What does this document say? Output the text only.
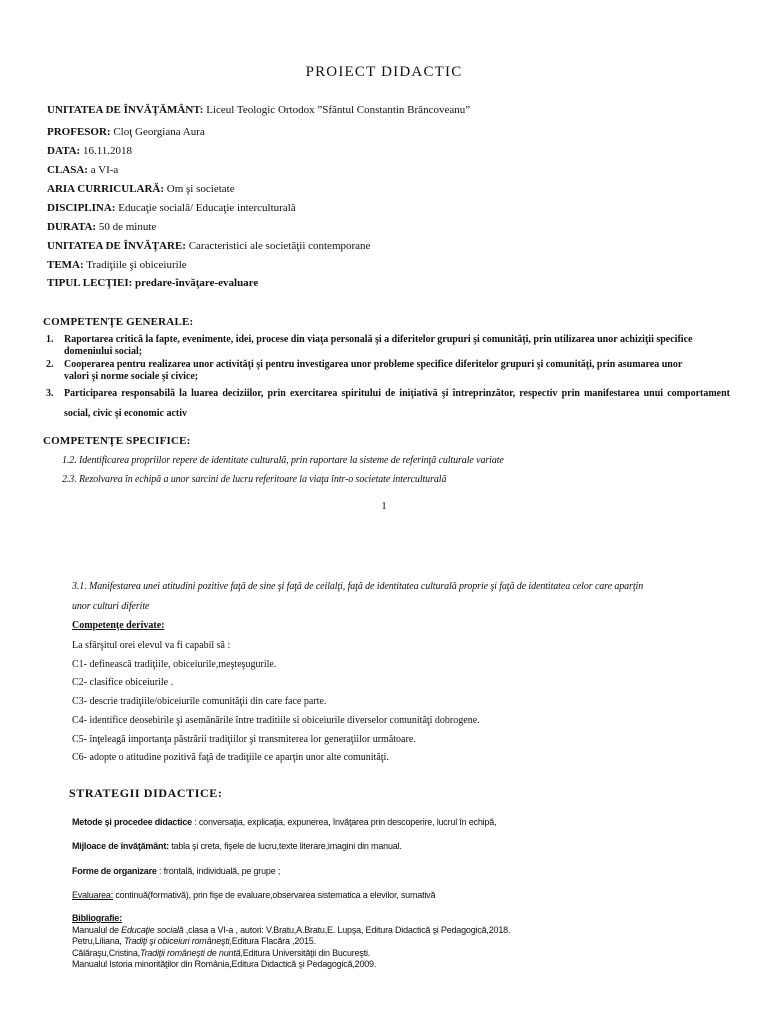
PROIECT DIDACTIC
UNITATEA DE ÎNVĂŢĂMÂNT: Liceul Teologic Ortodox ”Sfântul Constantin Brâncoveanu”
PROFESOR: Cloţ Georgiana Aura
DATA: 16.11.2018
CLASA: a VI-a
ARIA CURRICULARĂ: Om şi societate
DISCIPLINA: Educaţie socială/ Educaţie interculturală
DURATA: 50 de minute
UNITATEA DE ÎNVĂŢARE: Caracteristici ale societăţii contemporane
TEMA: Tradiţiile şi obiceiurile
TIPUL LECŢIEI: predare-învăţare-evaluare
COMPETENŢE GENERALE:
1. Raportarea critică la fapte, evenimente, idei, procese din viaţa personală şi a diferitelor grupuri şi comunităţi, prin utilizarea unor achiziţii specifice domeniului social;
2. Cooperarea pentru realizarea unor activităţi şi pentru investigarea unor probleme specifice diferitelor grupuri şi comunităţi, prin asumarea unor valori şi norme sociale şi civice;
3. Participarea responsabilă la luarea deciziilor, prin exercitarea spiritului de iniţiativă şi întreprinzător, respectiv prin manifestarea unui comportament social, civic şi economic activ
COMPETENŢE SPECIFICE:
1.2. Identificarea propriilor repere de identitate culturală, prin raportare la sisteme de referinţă culturale variate
2.3. Rezolvarea în echipă a unor sarcini de lucru referitoare la viaţa într-o societate interculturală
1
3.1. Manifestarea unei atitudini pozitive faţă de sine şi faţă de ceilalţi, faţă de identitatea culturală proprie şi faţă de identitatea celor care aparţin
unor culturi diferite
Competenţe derivate:
La sfârşitul orei elevul va fi capabil să :
C1- definească tradiţiile, obiceiurile,meşteşugurile.
C2- clasifice obiceiurile .
C3- descrie tradiţiile/obiceiurile comunităţii din care face parte.
C4- identifice deosebirile şi asemănările între traditiile si obiceiurile diverselor comunităţi dobrogene.
C5- înţeleagă importanţa păstrării tradiţiilor şi transmiterea lor generaţiilor următoare.
C6- adopte o atitudine pozitivă faţă de tradiţiile ce aparţin unor alte comunităţi.
STRATEGII DIDACTICE:
Metode şi procedee didactice : conversaţia, explicaţia, expunerea, învăţarea prin descoperire, lucrul în echipă,
Mijloace de învăţământ: tabla şi creta, fişele de lucru,texte literare,imagini din manual.
Forme de organizare : frontală, individuală, pe grupe ;
Evaluarea: continuă(formativă), prin fişe de evaluare,observarea sistematica a elevilor, sumativă
Bibliografie:
Manualul de Educaţie socială ,clasa a VI-a , autori: V.Bratu,A.Bratu,E. Lupşa, Editura Didactică şi Pedagogică,2018.
Petru,Liliana, Tradiţi şi obiceiuri româneşti,Editura Flacăra ,2015.
Călăraşu,Cristina,Tradiţii româneşti de nuntă,Editura Universităţii din Bucureşti.
Manualul Istoria minorităţilor din România,Editura Didactică şi Pedagogică,2009.
